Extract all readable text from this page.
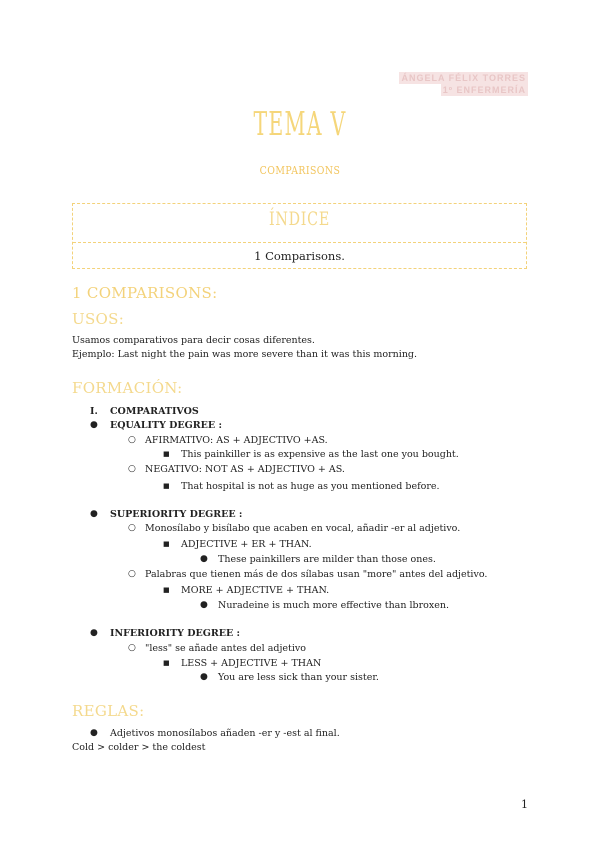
ÁNGELA FÉLIX TORRES
1º ENFERMERÍA
TEMA V
comparisons
ÍNDICE
1 Comparisons.
1 COMPARISONS:
USOS:
Usamos comparativos para decir cosas diferentes.
Ejemplo: Last night the pain was more severe than it was this morning.
FORMACIÓN:
I. COMPARATIVOS
● EQUALITY DEGREE :
○ AFIRMATIVO: AS + ADJECTIVO +AS.
■ This painkiller is as expensive as the last one you bought.
○ NEGATIVO: NOT AS + ADJECTIVO + AS.
■ That hospital is not as huge as you mentioned before.
● SUPERIORITY DEGREE :
○ Monosílabo y bisílabo que acaben en vocal, añadir -er al adjetivo.
■ ADJECTIVE + ER + THAN.
● These painkillers are milder than those ones.
○ Palabras que tienen más de dos sílabas usan "more" antes del adjetivo.
■ MORE + ADJECTIVE + THAN.
● Nuradeine is much more effective than lbroxen.
● INFERIORITY DEGREE :
○ "less" se añade antes del adjetivo
■ LESS + ADJECTIVE + THAN
● You are less sick than your sister.
REGLAS:
● Adjetivos monosílabos añaden -er y -est al final.
Cold > colder > the coldest
1
